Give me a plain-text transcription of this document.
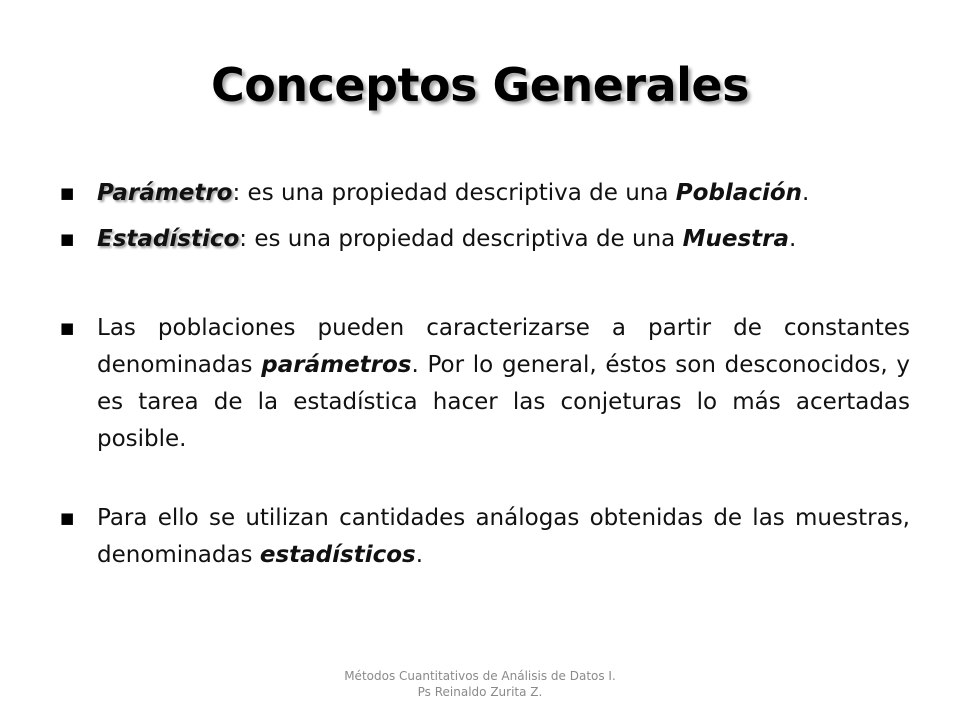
Conceptos Generales
■ Parámetro: es una propiedad descriptiva de una Población.
■ Estadístico: es una propiedad descriptiva de una Muestra.
■ Las poblaciones pueden caracterizarse a partir de constantes denominadas parámetros. Por lo general, éstos son desconocidos, y es tarea de la estadística hacer las conjeturas lo más acertadas posible.
■ Para ello se utilizan cantidades análogas obtenidas de las muestras, denominadas estadísticos.
Métodos Cuantitativos de Análisis de Datos I.
Ps Reinaldo Zurita Z.
